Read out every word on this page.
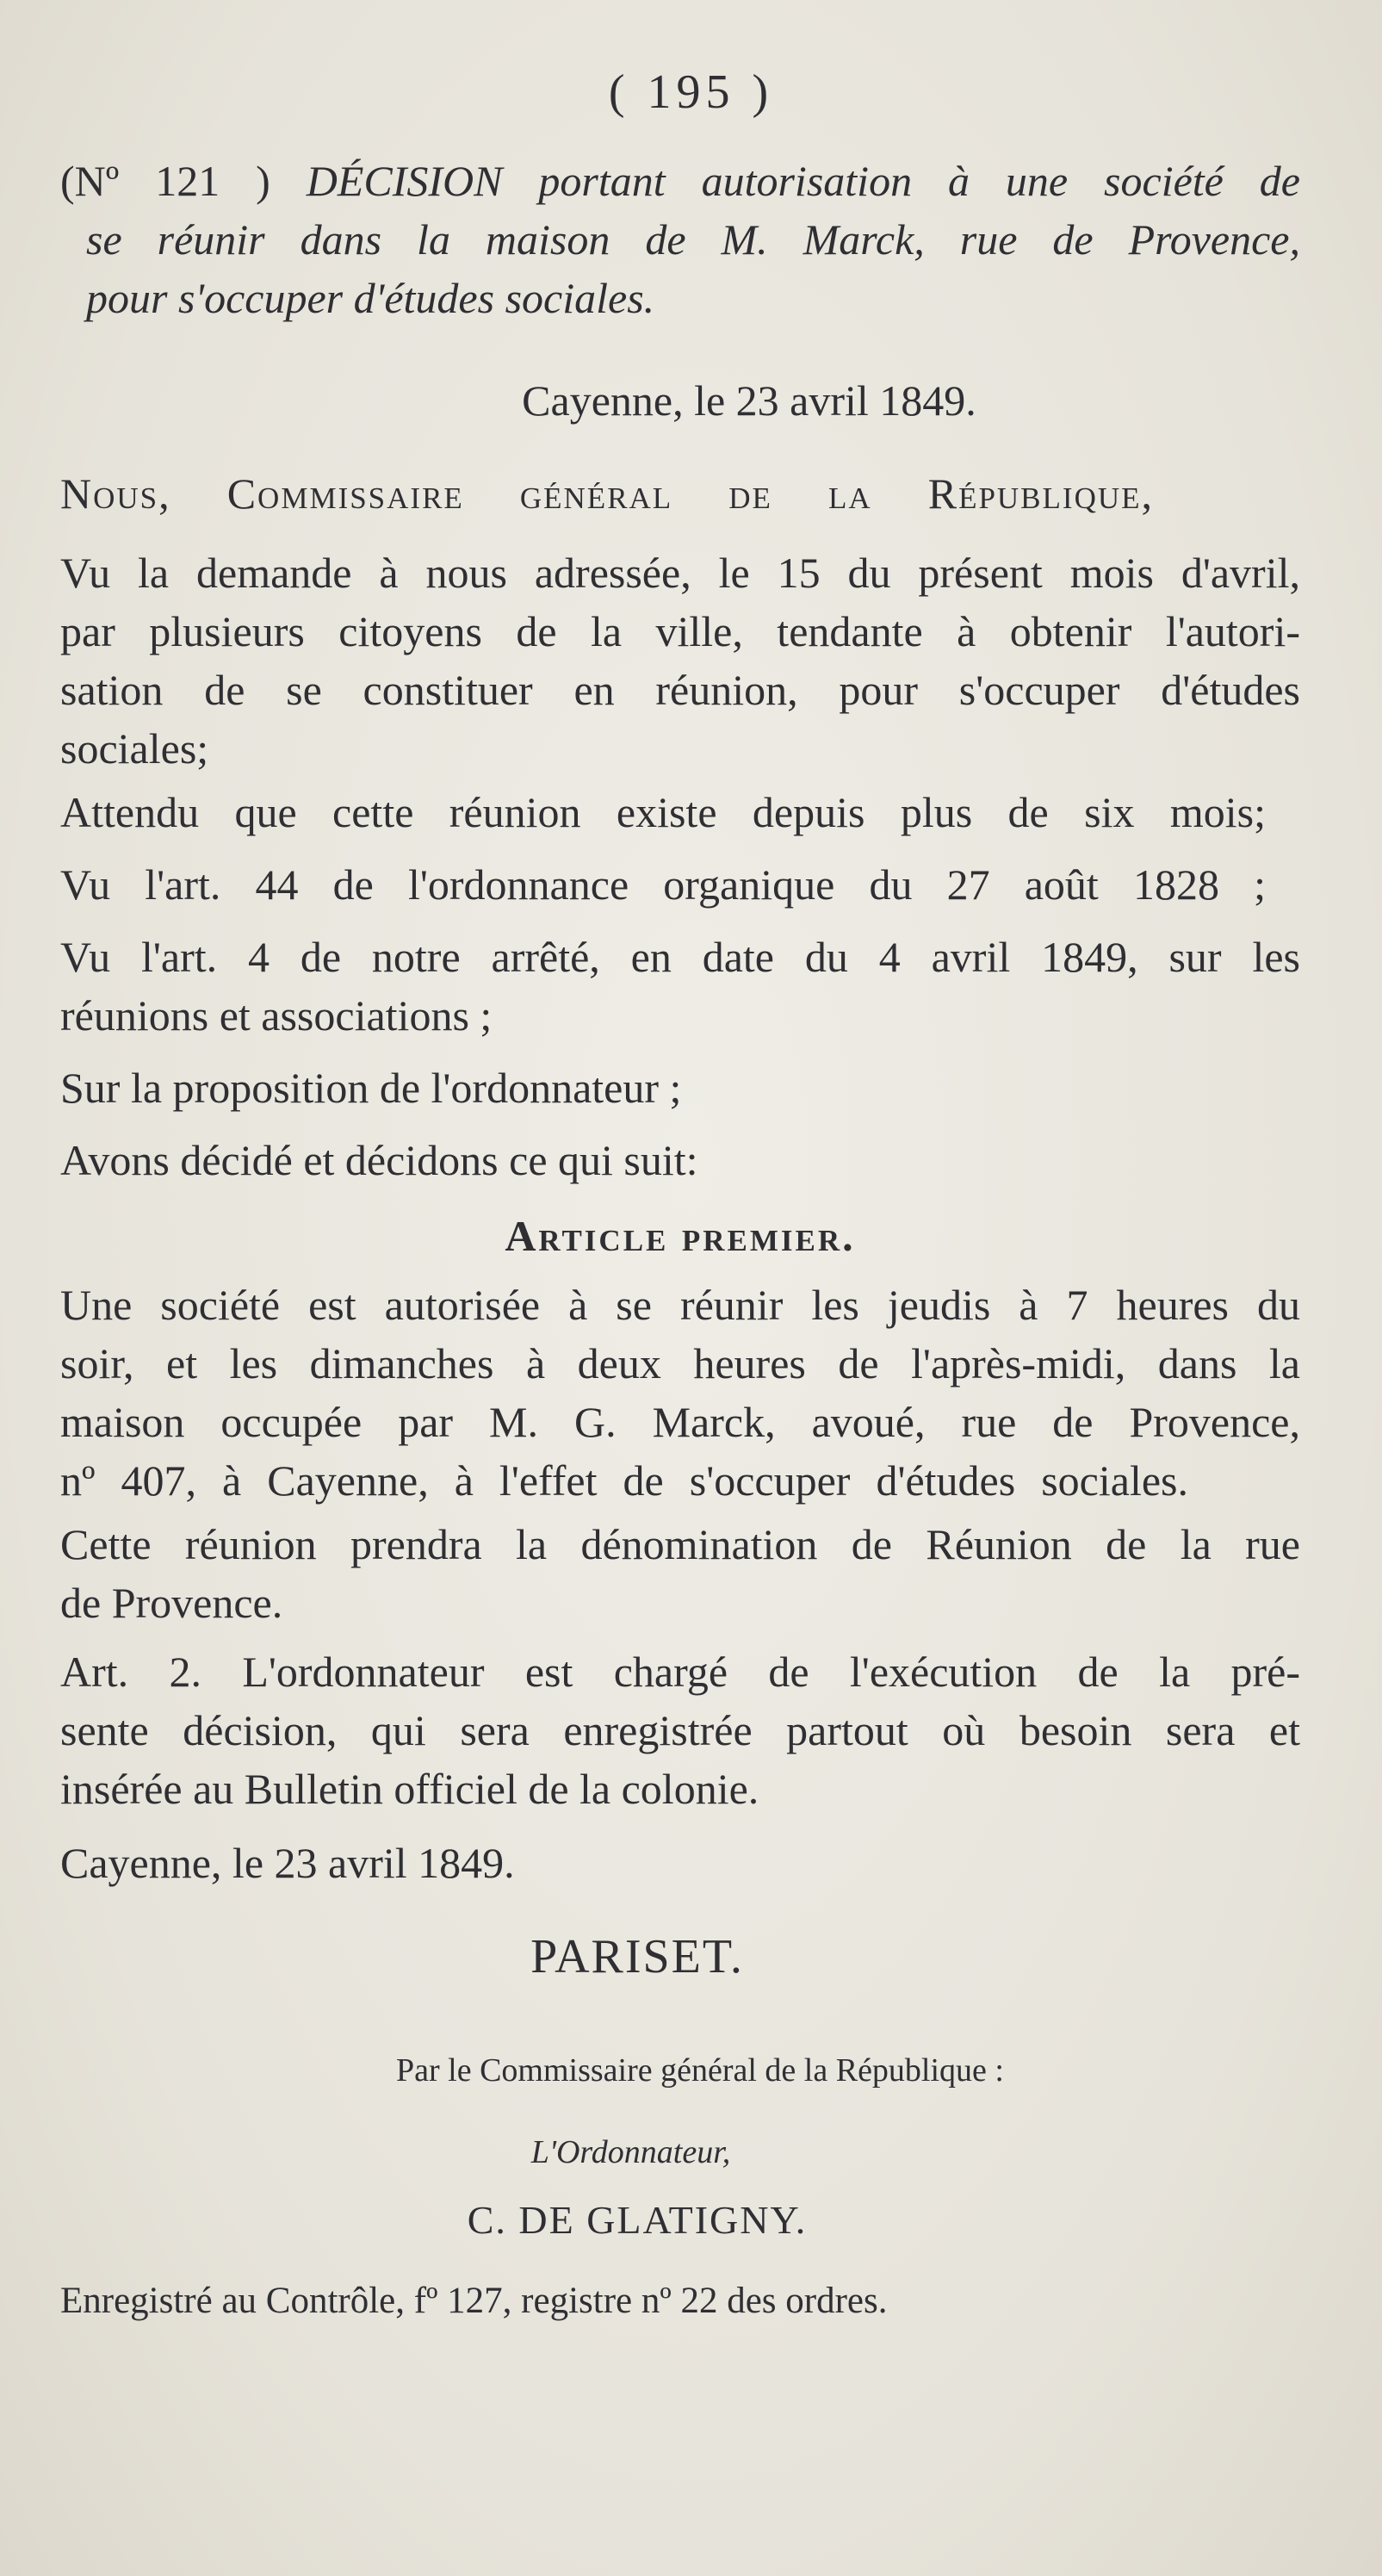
( 195 )
(Nº 121 ) DÉCISION portant autorisation à une société de
se réunir dans la maison de M. Marck, rue de Provence,
pour s'occuper d'études sociales.
Cayenne, le 23 avril 1849.
Nous, Commissaire général de la République,
Vu la demande à nous adressée, le 15 du présent mois d'avril,
par plusieurs citoyens de la ville, tendante à obtenir l'autori-
sation de se constituer en réunion, pour s'occuper d'études
sociales;
Attendu que cette réunion existe depuis plus de six mois;
Vu l'art. 44 de l'ordonnance organique du 27 août 1828 ;
Vu l'art. 4 de notre arrêté, en date du 4 avril 1849, sur les
réunions et associations ;
Sur la proposition de l'ordonnateur ;
Avons décidé et décidons ce qui suit:
Article premier.
Une société est autorisée à se réunir les jeudis à 7 heures du
soir, et les dimanches à deux heures de l'après-midi, dans la
maison occupée par M. G. Marck, avoué, rue de Provence,
nº 407, à Cayenne, à l'effet de s'occuper d'études sociales.
Cette réunion prendra la dénomination de Réunion de la rue
de Provence.
Art. 2. L'ordonnateur est chargé de l'exécution de la pré-
sente décision, qui sera enregistrée partout où besoin sera et
insérée au Bulletin officiel de la colonie.
Cayenne, le 23 avril 1849.
PARISET.
Par le Commissaire général de la République :
L'Ordonnateur,
C. DE GLATIGNY.
Enregistré au Contrôle, fº 127, registre nº 22 des ordres.
